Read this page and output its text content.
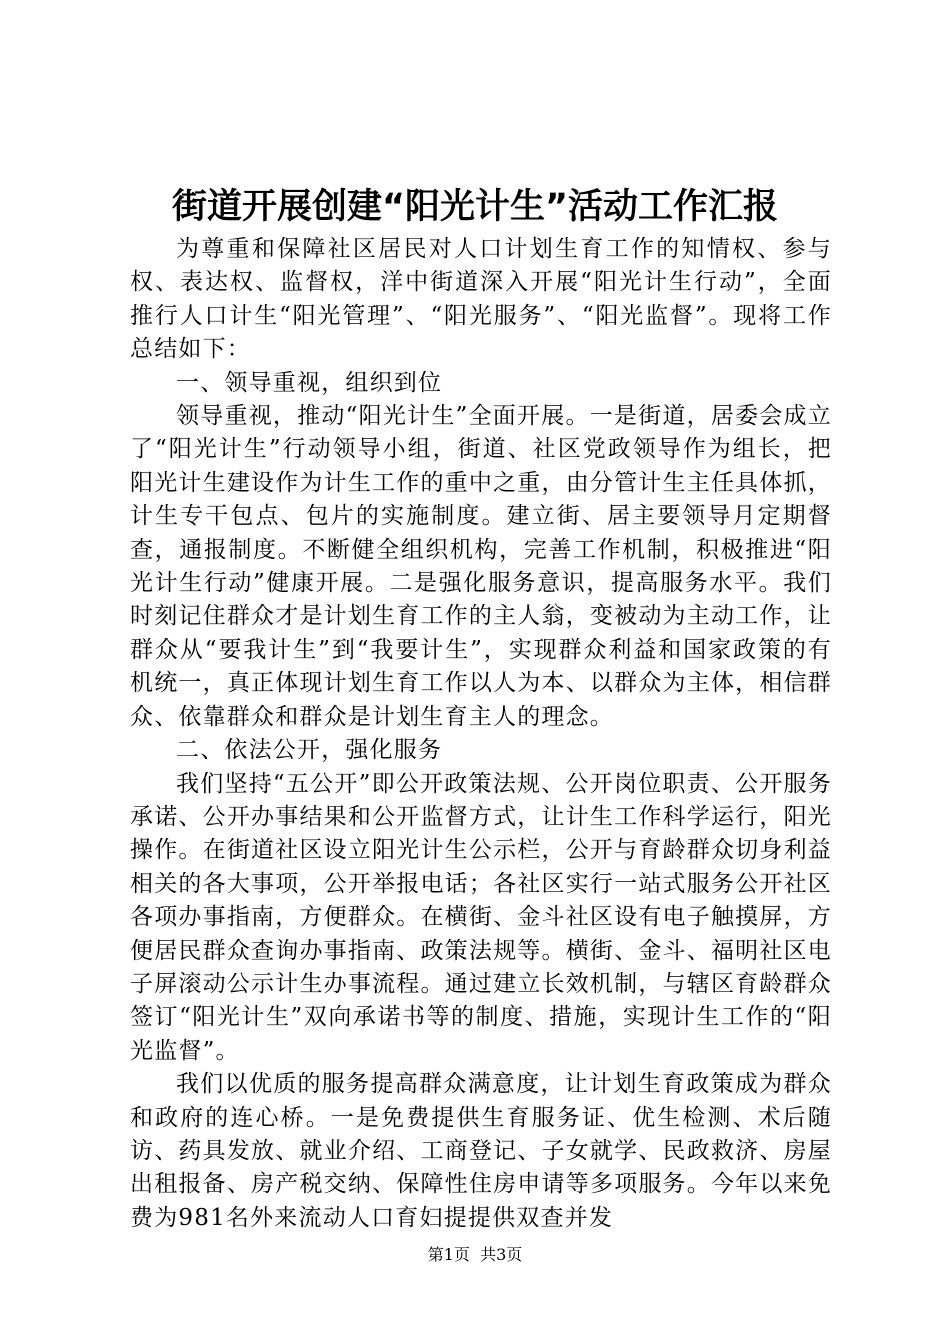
街道开展创建“阳光计生”活动工作汇报

为尊重和保障社区居民对人口计划生育工作的知情权、参与权、表达权、监督权，洋中街道深入开展“阳光计生行动”，全面推行人口计生“阳光管理”、“阳光服务”、“阳光监督”。现将工作总结如下：

一、领导重视，组织到位

领导重视，推动“阳光计生”全面开展。一是街道，居委会成立了“阳光计生”行动领导小组，街道、社区党政领导作为组长，把阳光计生建设作为计生工作的重中之重，由分管计生主任具体抓，计生专干包点、包片的实施制度。建立街、居主要领导月定期督查，通报制度。不断健全组织机构，完善工作机制，积极推进“阳光计生行动”健康开展。二是强化服务意识，提高服务水平。我们时刻记住群众才是计划生育工作的主人翁，变被动为主动工作，让群众从“要我计生”到“我要计生”，实现群众利益和国家政策的有机统一，真正体现计划生育工作以人为本、以群众为主体，相信群众、依靠群众和群众是计划生育主人的理念。

二、依法公开，强化服务

我们坚持“五公开”即公开政策法规、公开岗位职责、公开服务承诺、公开办事结果和公开监督方式，让计生工作科学运行，阳光操作。在街道社区设立阳光计生公示栏，公开与育龄群众切身利益相关的各大事项，公开举报电话；各社区实行一站式服务公开社区各项办事指南，方便群众。在横街、金斗社区设有电子触摸屏，方便居民群众查询办事指南、政策法规等。横街、金斗、福明社区电子屏滚动公示计生办事流程。通过建立长效机制，与辖区育龄群众签订“阳光计生”双向承诺书等的制度、措施，实现计生工作的“阳光监督”。

我们以优质的服务提高群众满意度，让计划生育政策成为群众和政府的连心桥。一是免费提供生育服务证、优生检测、术后随访、药具发放、就业介绍、工商登记、子女就学、民政救济、房屋出租报备、房产税交纳、保障性住房申请等多项服务。今年以来免费为981名外来流动人口育妇提提供双查并发

第1页 共3页
